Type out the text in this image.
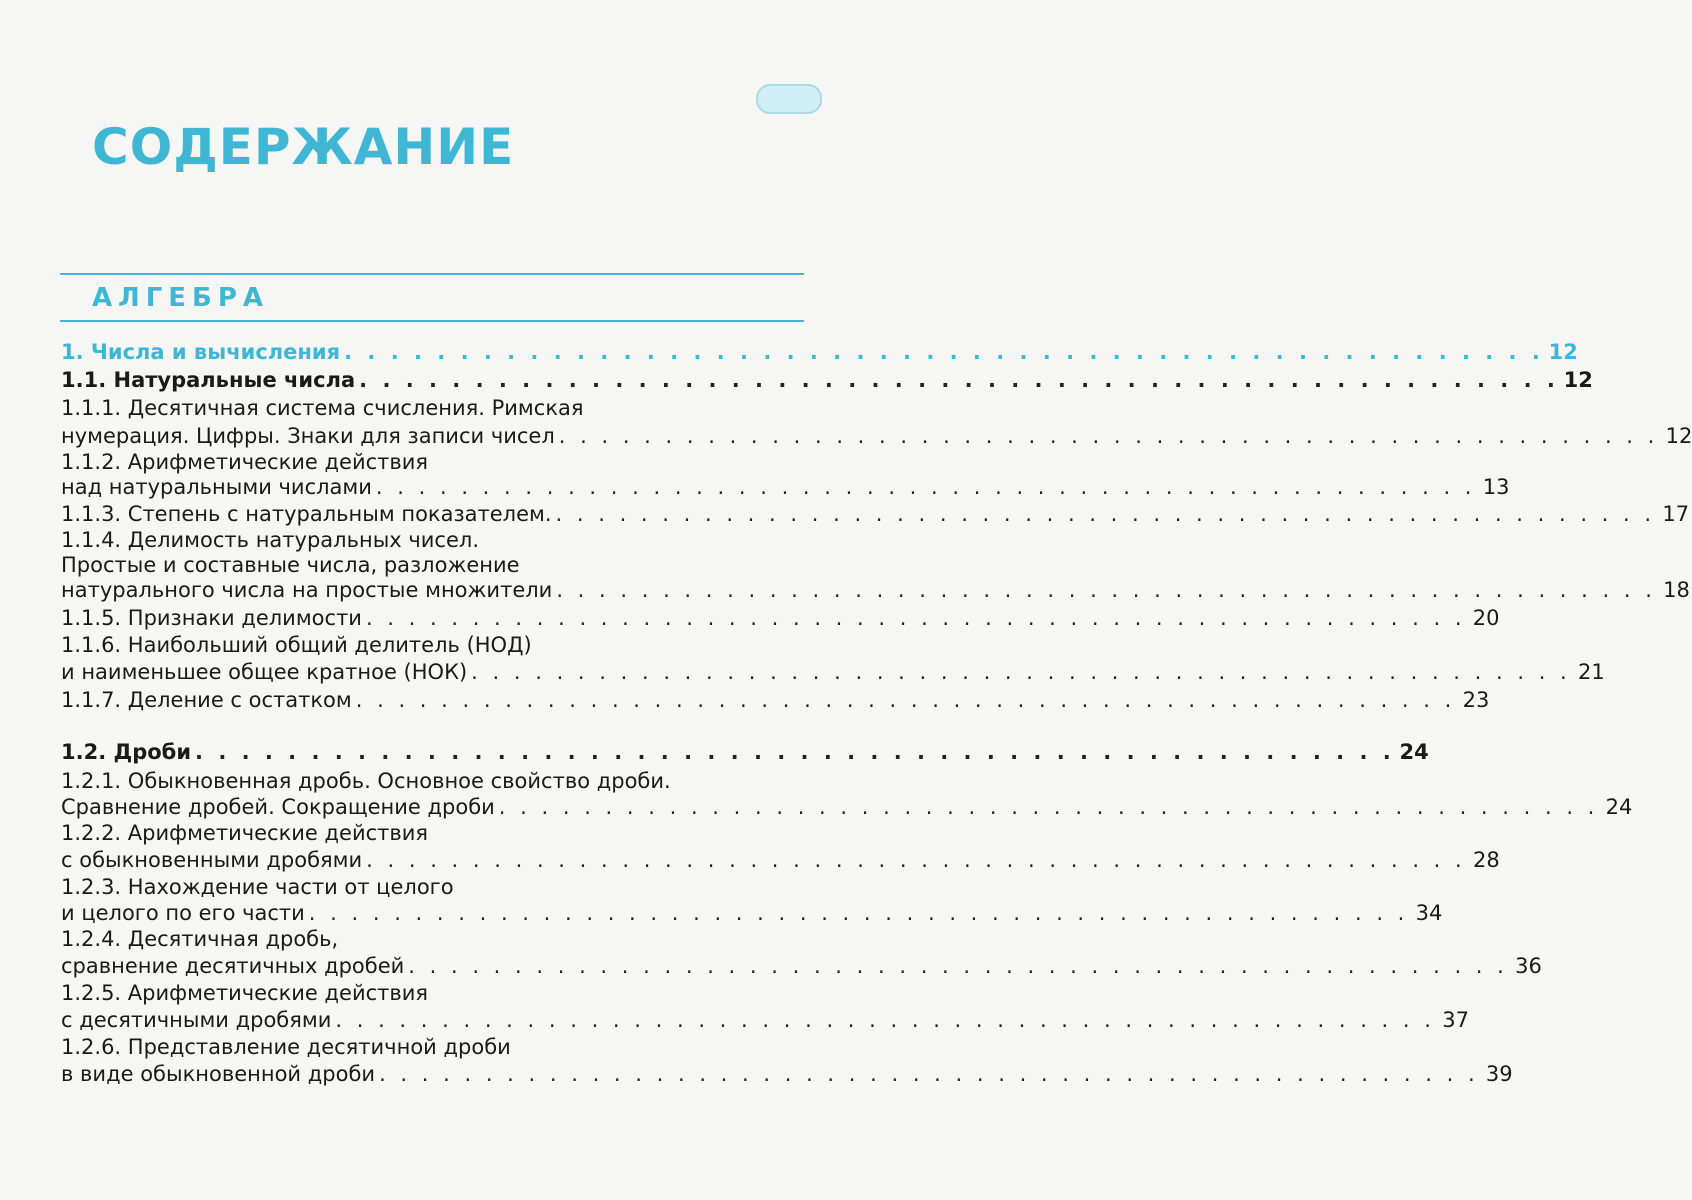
СОДЕРЖАНИЕ
АЛГЕБРА
1. Числа и вычисления . . . . . . . . . . . . . . . . . . . . . . . . . . . . . . . . . . . . . . . . . . . . . . . . . . . . 12
1.1. Натуральные числа . . . . . . . . . . . . . . . . . . . . . . . . . . . . . . . . . . . . . . . . . . . . . . . . . . . . 12
1.1.1. Десятичная система счисления. Римская
нумерация. Цифры. Знаки для записи чисел . . . . . . . . . . . . . . . . . . . . . . . . . . . . . . . . . . . . . . . . . . . . . . . . . . . . 12
1.1.2. Арифметические действия
над натуральными числами . . . . . . . . . . . . . . . . . . . . . . . . . . . . . . . . . . . . . . . . . . . . . . . . . . . . 13
1.1.3. Степень с натуральным показателем. . . . . . . . . . . . . . . . . . . . . . . . . . . . . . . . . . . . . . . . . . . . . . . . . . . . . 17
1.1.4. Делимость натуральных чисел.
Простые и составные числа, разложение
натурального числа на простые множители . . . . . . . . . . . . . . . . . . . . . . . . . . . . . . . . . . . . . . . . . . . . . . . . . . . . 18
1.1.5. Признаки делимости . . . . . . . . . . . . . . . . . . . . . . . . . . . . . . . . . . . . . . . . . . . . . . . . . . . . 20
1.1.6. Наибольший общий делитель (НОД)
и наименьшее общее кратное (НОК) . . . . . . . . . . . . . . . . . . . . . . . . . . . . . . . . . . . . . . . . . . . . . . . . . . . . 21
1.1.7. Деление с остатком . . . . . . . . . . . . . . . . . . . . . . . . . . . . . . . . . . . . . . . . . . . . . . . . . . . . 23
1.2. Дроби . . . . . . . . . . . . . . . . . . . . . . . . . . . . . . . . . . . . . . . . . . . . . . . . . . . . 24
1.2.1. Обыкновенная дробь. Основное свойство дроби.
Сравнение дробей. Сокращение дроби . . . . . . . . . . . . . . . . . . . . . . . . . . . . . . . . . . . . . . . . . . . . . . . . . . . . 24
1.2.2. Арифметические действия
с обыкновенными дробями . . . . . . . . . . . . . . . . . . . . . . . . . . . . . . . . . . . . . . . . . . . . . . . . . . . . 28
1.2.3. Нахождение части от целого
и целого по его части . . . . . . . . . . . . . . . . . . . . . . . . . . . . . . . . . . . . . . . . . . . . . . . . . . . . 34
1.2.4. Десятичная дробь,
сравнение десятичных дробей . . . . . . . . . . . . . . . . . . . . . . . . . . . . . . . . . . . . . . . . . . . . . . . . . . . . 36
1.2.5. Арифметические действия
с десятичными дробями . . . . . . . . . . . . . . . . . . . . . . . . . . . . . . . . . . . . . . . . . . . . . . . . . . . . 37
1.2.6. Представление десятичной дроби
в виде обыкновенной дроби . . . . . . . . . . . . . . . . . . . . . . . . . . . . . . . . . . . . . . . . . . . . . . . . . . . . 39
